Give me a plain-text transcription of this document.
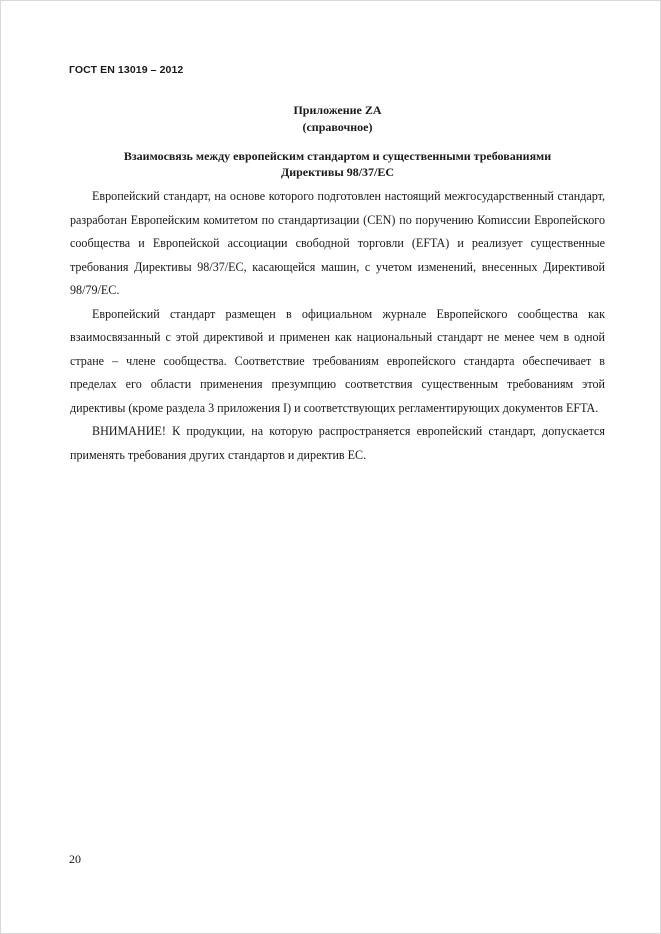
ГОСТ EN 13019 – 2012
Приложение ZA
(справочное)
Взаимосвязь между европейским стандартом и существенными требованиями
Директивы 98/37/ЕС

Европейский стандарт, на основе которого подготовлен настоящий межгосударственный стандарт, разработан Европейским комитетом по стандартизации (CEN) по поручению Коmиссии Европейского сообщества и Европейской ассоциации свободной торговли (EFTA) и реализует существенные требования Директивы 98/37/EC, касающейся машин, с учетом изменений, внесенных Директивой 98/79/EC.

Европейский стандарт размещен в официальном журнале Европейского сообщества как взаимосвязанный с этой директивой и применен как национальный стандарт не менее чем в одной стране – члене сообщества. Соответствие требованиям европейского стандарта обеспечивает в пределах его области применения презумпцию соответствия существенным требованиям этой директивы (кроме раздела 3 приложения I) и соответствующих регламентирующих документов EFTA.

ВНИМАНИЕ! К продукции, на которую распространяется европейский стандарт, допускается применять требования других стандартов и директив ЕС.

20
